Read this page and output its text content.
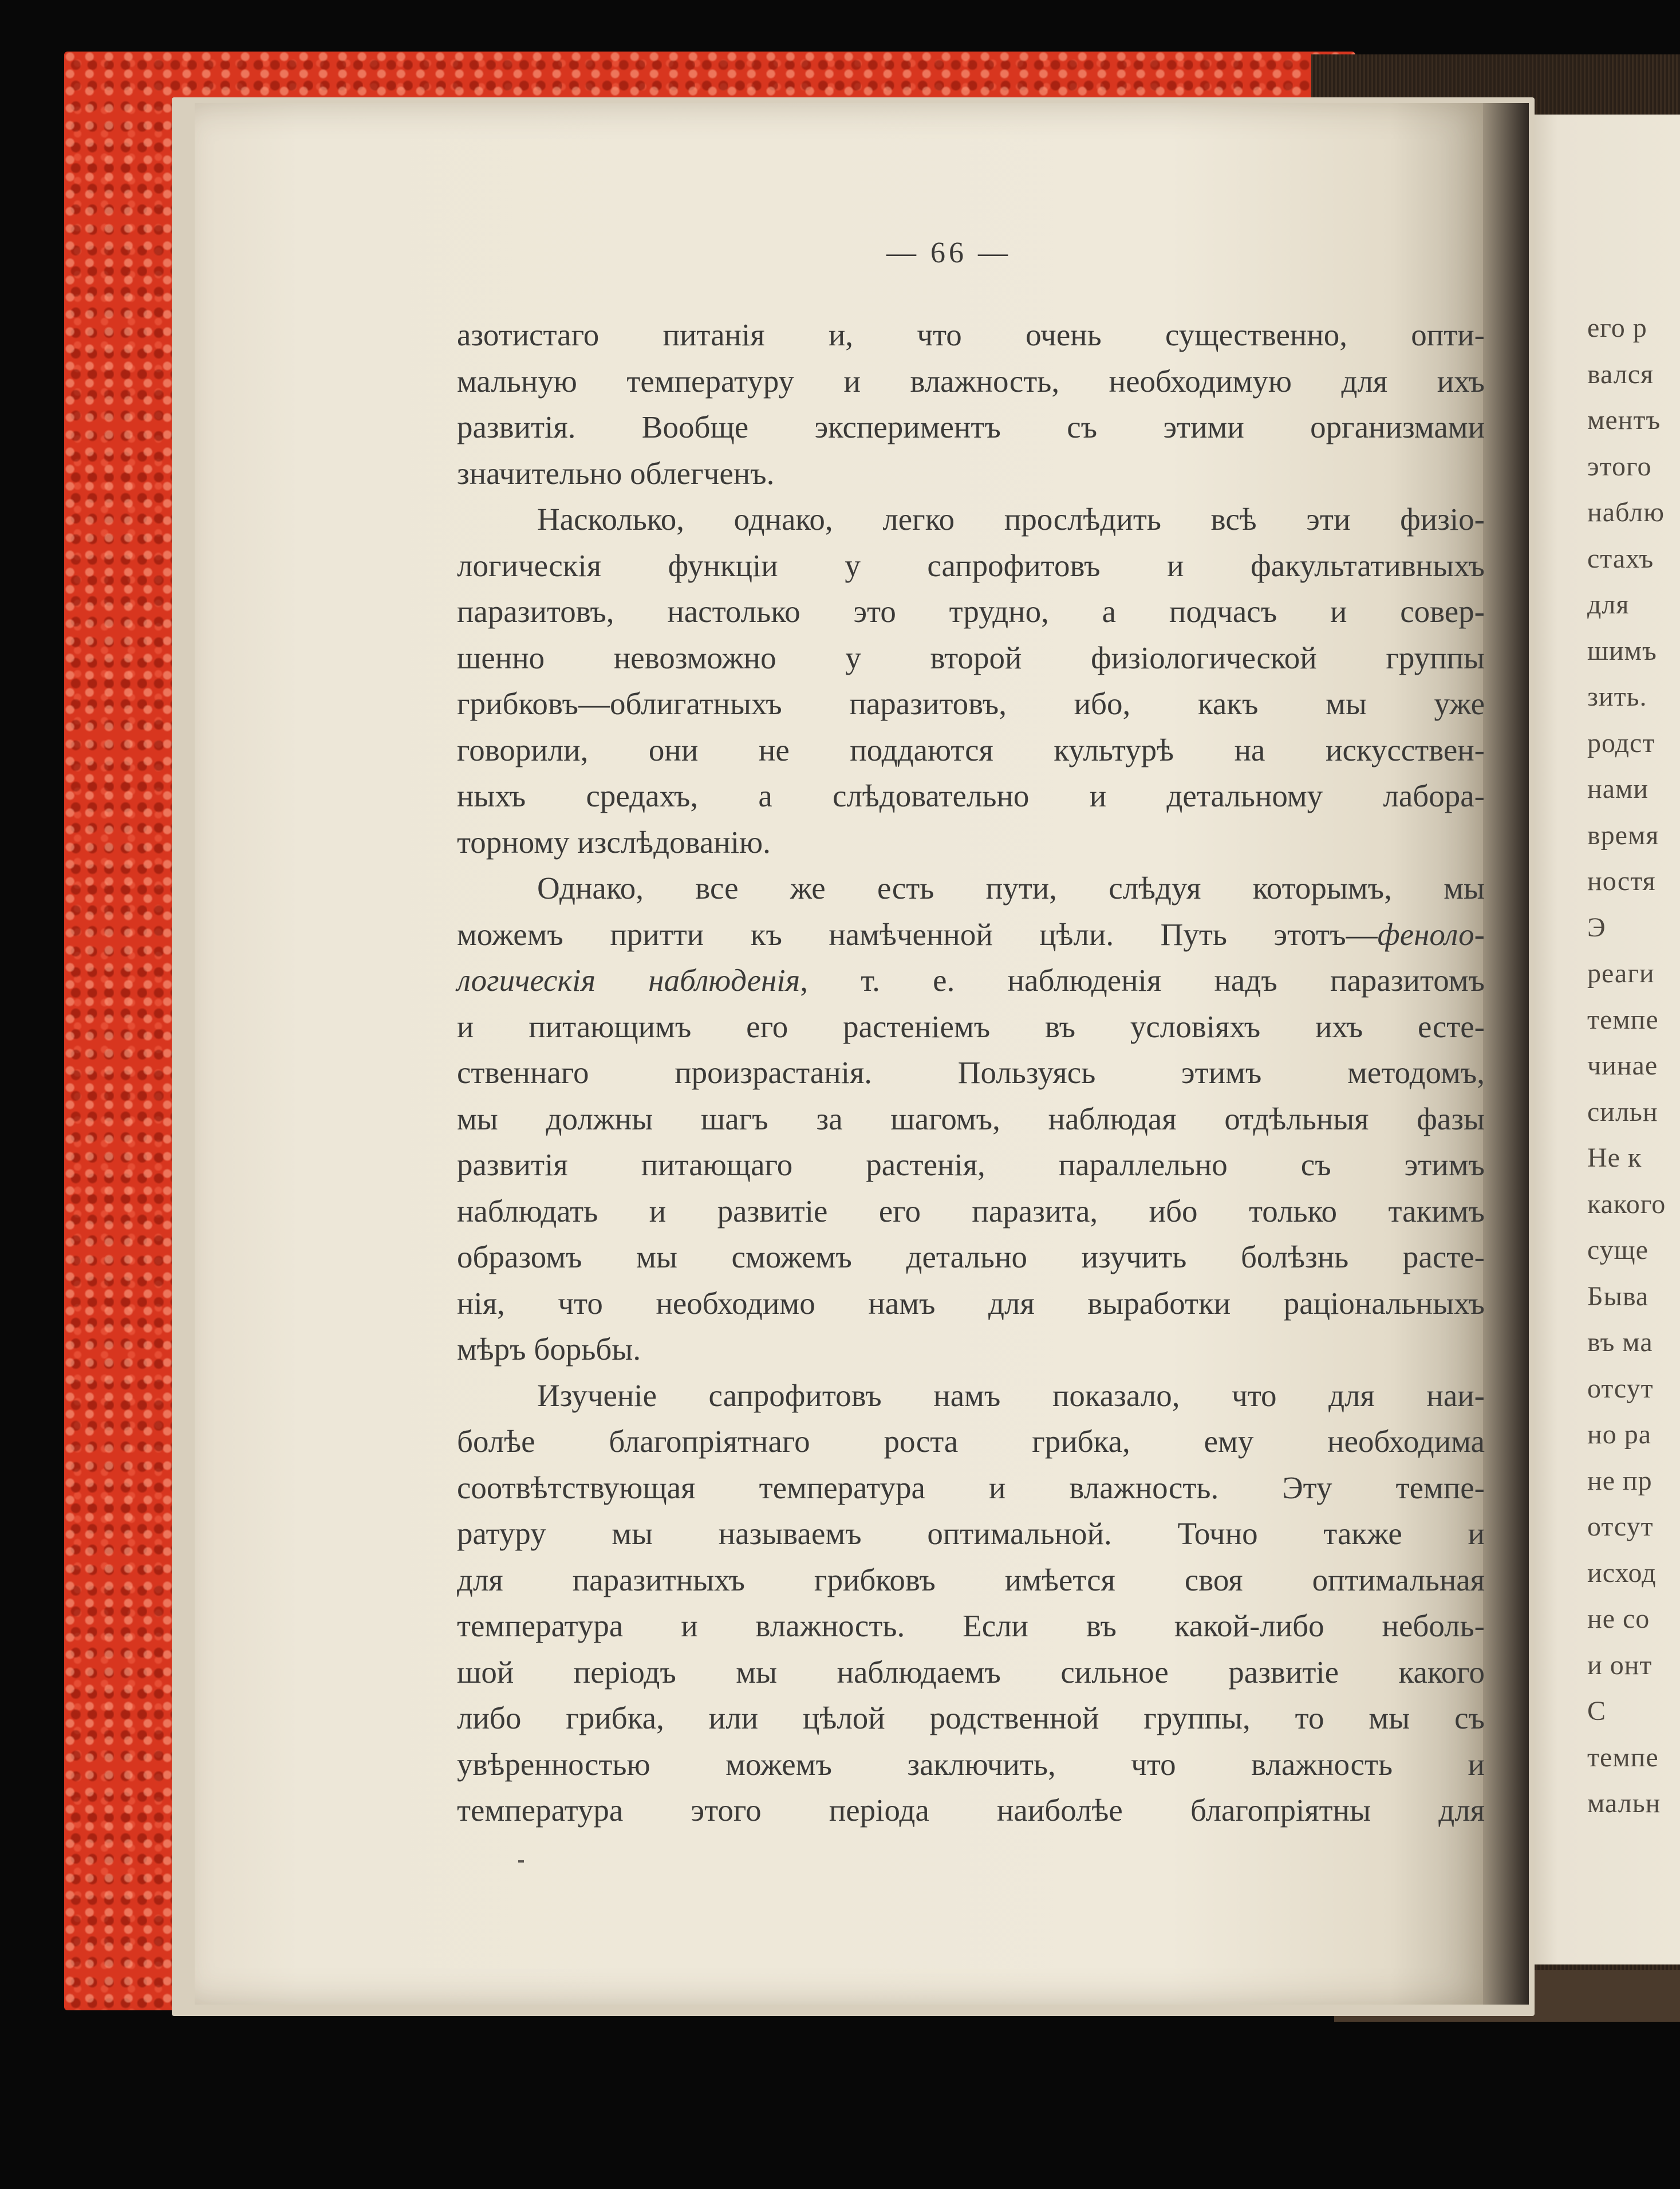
его р
вался
ментъ
этого
наблю
стахъ
для
шимъ
зить.
родст
нами
время
ностя
Э
реаги
темпе
чинае
сильн
Не к
какого
суще
Быва
въ ма
отсут
но ра
не пр
отсут
исход
не со
и онт
С
темпе
мальн
— 66 —
азотистаго питанія и, что очень существенно, опти-
мальную температуру и влажность, необходимую для ихъ
развитія. Вообще экспериментъ съ этими организмами
значительно облегченъ.
Насколько, однако, легко прослѣдить всѣ эти физіо-
логическія функціи у сапрофитовъ и факультативныхъ
паразитовъ, настолько это трудно, а подчасъ и совер-
шенно невозможно у второй физіологической группы
грибковъ—облигатныхъ паразитовъ, ибо, какъ мы уже
говорили, они не поддаются культурѣ на искусствен-
ныхъ средахъ, а слѣдовательно и детальному лабора-
торному изслѣдованію.
Однако, все же есть пути, слѣдуя которымъ, мы
можемъ притти къ намѣченной цѣли. Путь этотъ—феноло-
логическія наблюденія, т. е. наблюденія надъ паразитомъ
и питающимъ его растеніемъ въ условіяхъ ихъ есте-
ственнаго произрастанія. Пользуясь этимъ методомъ,
мы должны шагъ за шагомъ, наблюдая отдѣльныя фазы
развитія питающаго растенія, параллельно съ этимъ
наблюдать и развитіе его паразита, ибо только такимъ
образомъ мы сможемъ детально изучить болѣзнь расте-
нія, что необходимо намъ для выработки раціональныхъ
мѣръ борьбы.
Изученіе сапрофитовъ намъ показало, что для наи-
болѣе благопріятнаго роста грибка, ему необходима
соотвѣтствующая температура и влажность. Эту темпе-
ратуру мы называемъ оптимальной. Точно также и
для паразитныхъ грибковъ имѣется своя оптимальная
температура и влажность. Если въ какой-либо неболь-
шой періодъ мы наблюдаемъ сильное развитіе какого
либо грибка, или цѣлой родственной группы, то мы съ
увѣренностью можемъ заключить, что влажность и
температура этого періода наиболѣе благопріятны для
